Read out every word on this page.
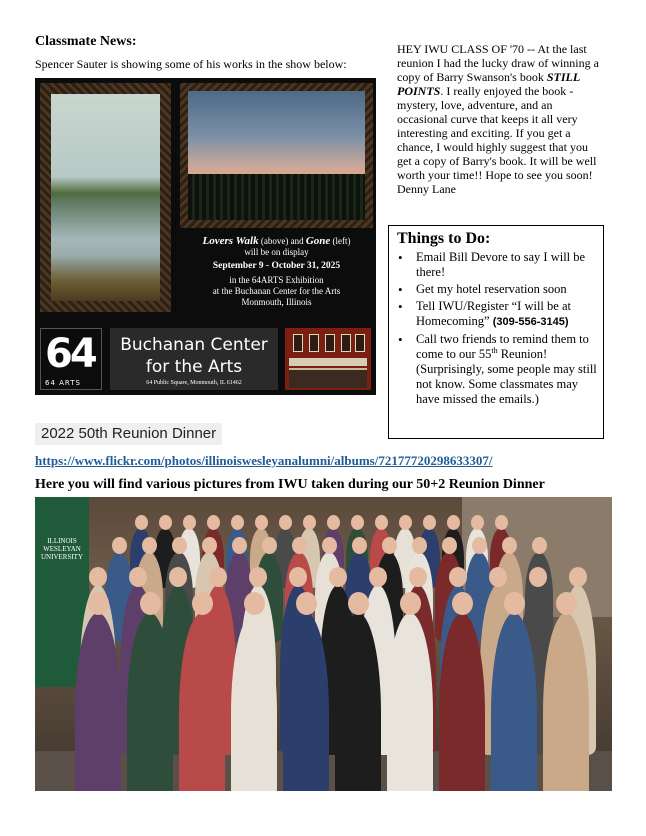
Classmate News:
Spencer Sauter is showing some of his works in the show below:
Lovers Walk (above) and Gone (left)
will be on display
September 9 - October 31, 2025
in the 64ARTS Exhibition
at the Buchanan Center for the Arts
Monmouth, Illinois
64
64 ARTS
Buchanan Center
for the Arts
64 Public Square, Monmouth, IL 61462
HEY IWU CLASS OF '70 -- At the last reunion I had the lucky draw of winning a copy of Barry Swanson's book STILL POINTS. I really enjoyed the book - mystery, love, adventure, and an occasional curve that keeps it all very interesting and exciting. If you get a chance, I would highly suggest that you get a copy of Barry's book. It will be well worth your time!! Hope to see you soon!
Denny Lane
Things to Do:
• Email Bill Devore to say I will be there!
• Get my hotel reservation soon
• Tell IWU/Register “I will be at Homecoming” (309-556-3145)
• Call two friends to remind them to come to our 55th Reunion! (Surprisingly, some people may still not know. Some classmates may have missed the emails.)
2022 50th Reunion Dinner
https://www.flickr.com/photos/illinoiswesleyanalumni/albums/72177720298633307/
Here you will find various pictures from IWU taken during our 50+2 Reunion Dinner
ILLINOIS WESLEYAN UNIVERSITY
